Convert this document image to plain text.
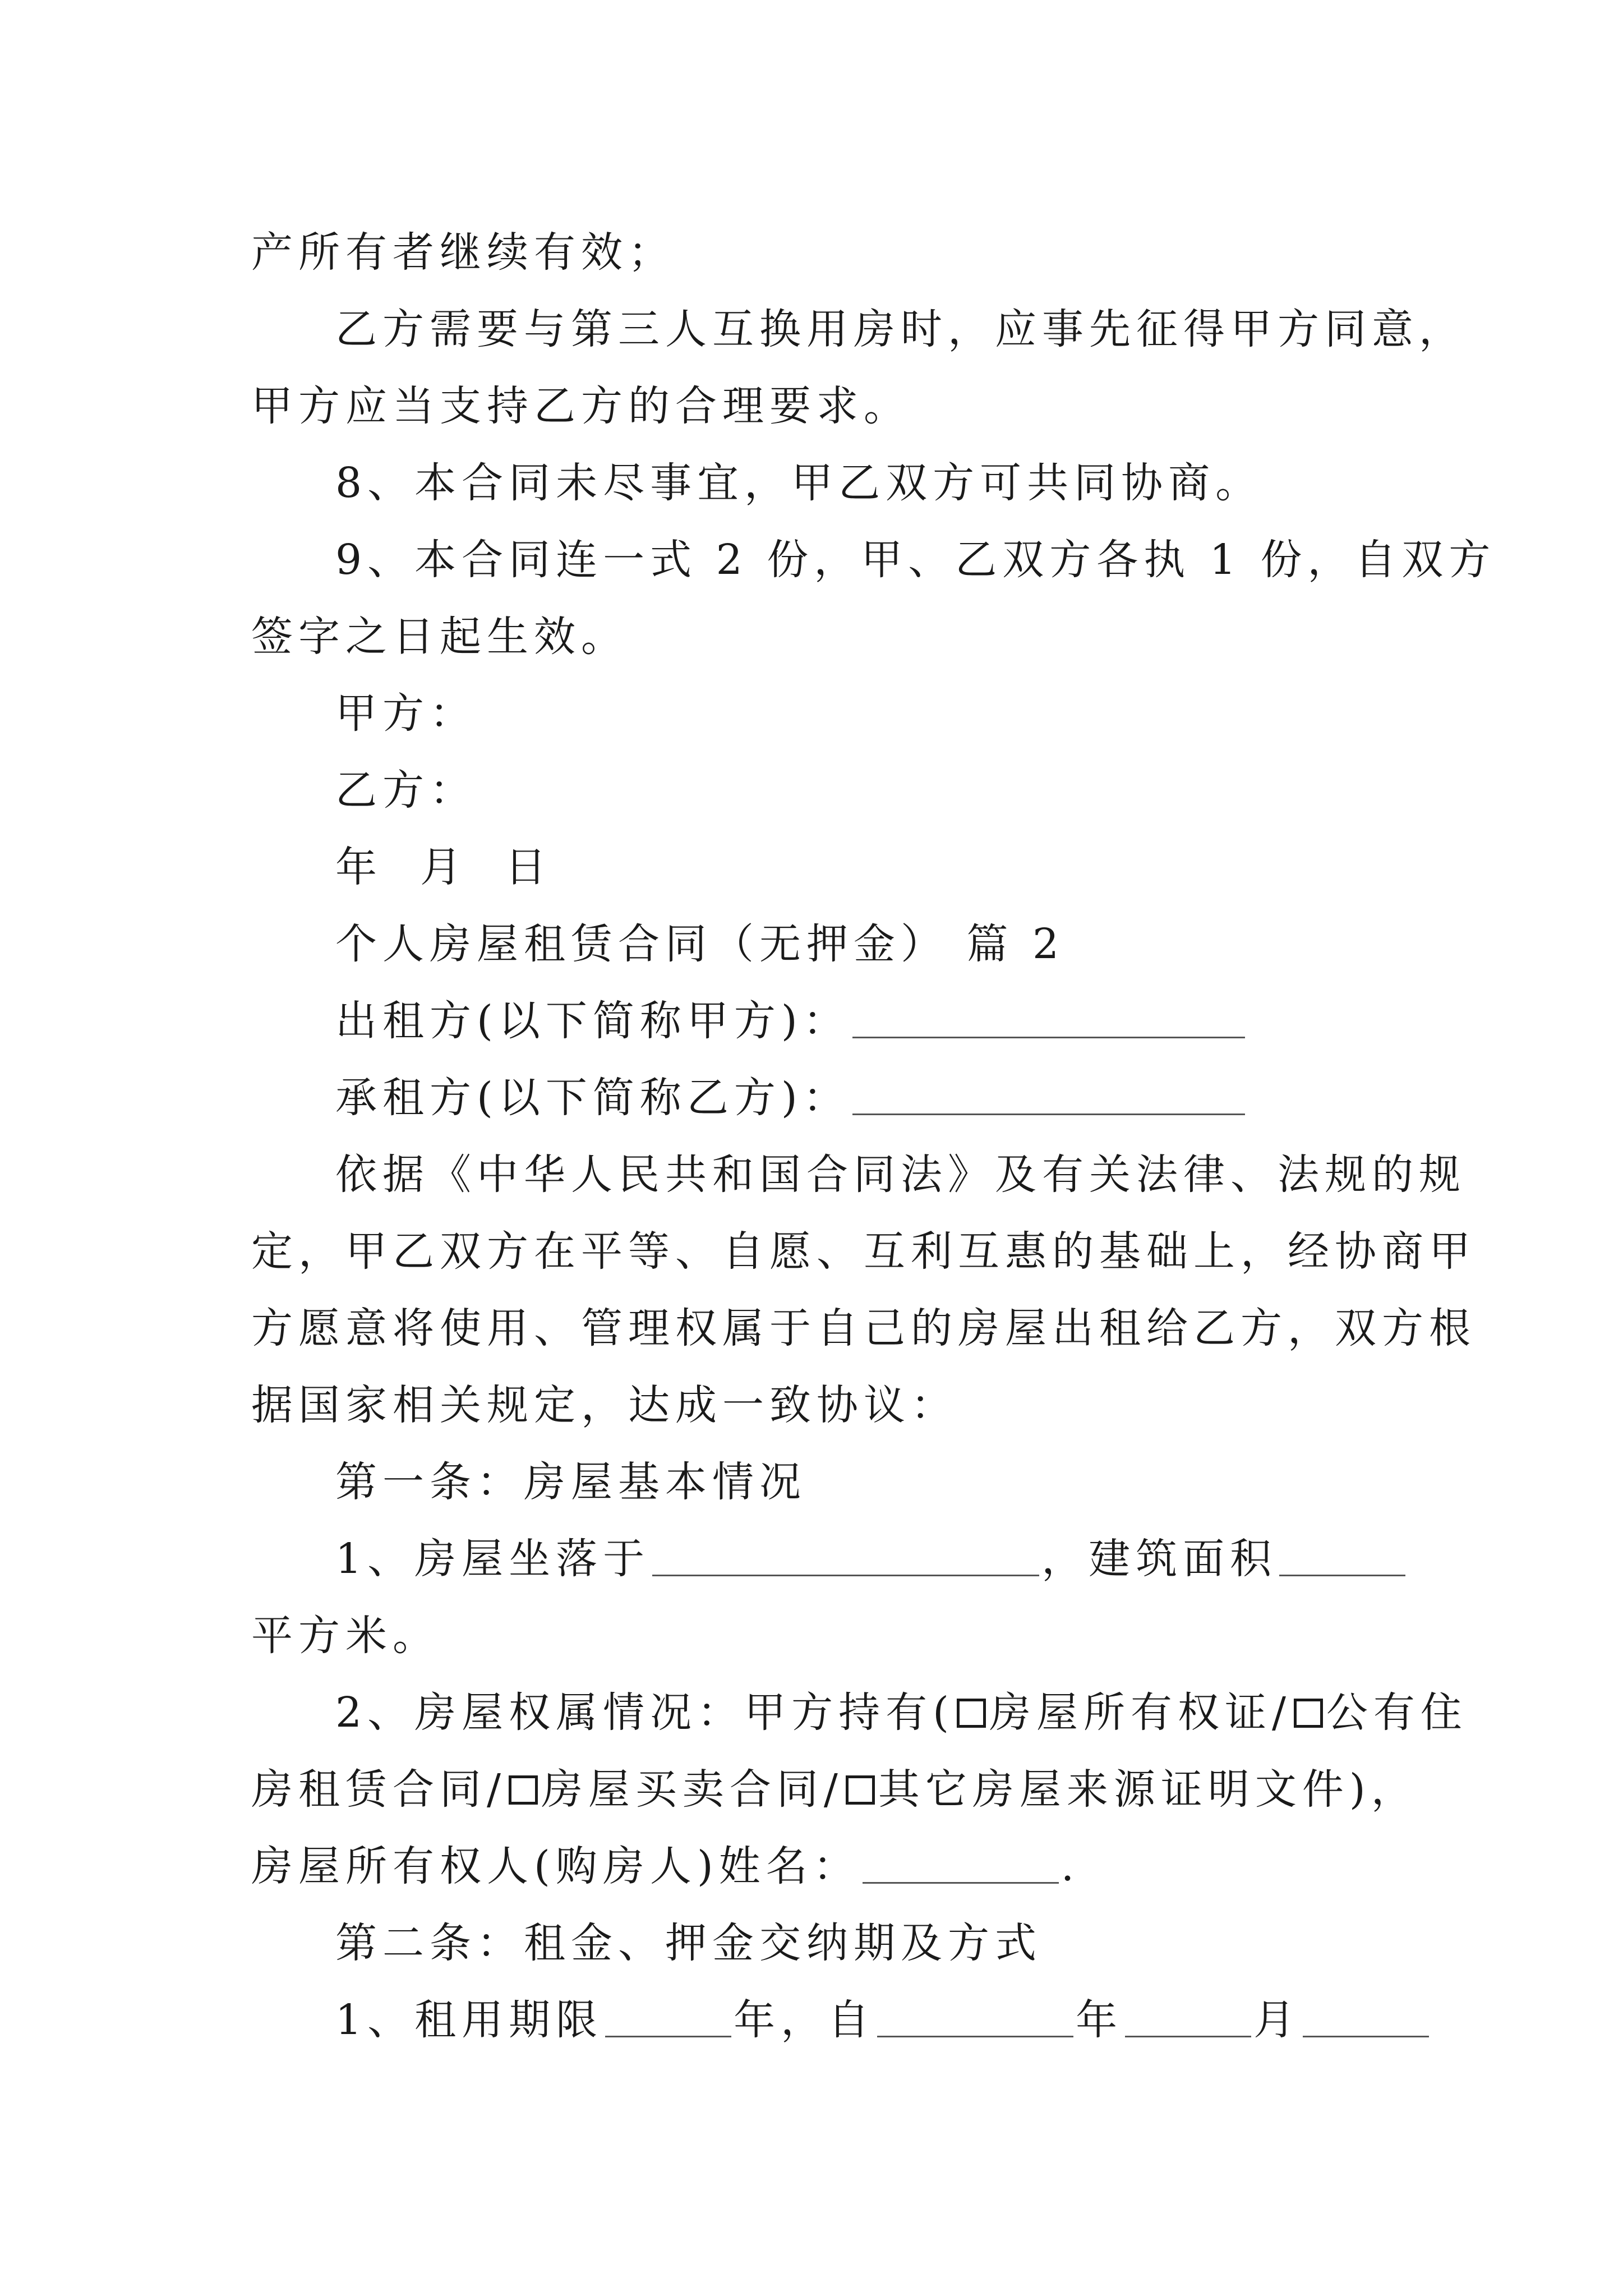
产所有者继续有效；
乙方需要与第三人互换用房时，应事先征得甲方同意，
甲方应当支持乙方的合理要求。
8、本合同未尽事宜，甲乙双方可共同协商。
9、本合同连一式 2 份，甲、乙双方各执 1 份，自双方
签字之日起生效。
甲方：
乙方：
年  月  日
个人房屋租赁合同（无押金） 篇 2
出租方(以下简称甲方)：
承租方(以下简称乙方)：
依据《中华人民共和国合同法》及有关法律、法规的规
定，甲乙双方在平等、自愿、互利互惠的基础上，经协商甲
方愿意将使用、管理权属于自己的房屋出租给乙方，双方根
据国家相关规定，达成一致协议：
第一条：房屋基本情况
1、房屋坐落于	，建筑面积
平方米。
2、房屋权属情况：甲方持有( 房屋所有权证/ 公有住
房租赁合同/ 房屋买卖合同/ 其它房屋来源证明文件)，
房屋所有权人(购房人)姓名：	.
第二条：租金、押金交纳期及方式
1、租用期限	年，自	年	月
